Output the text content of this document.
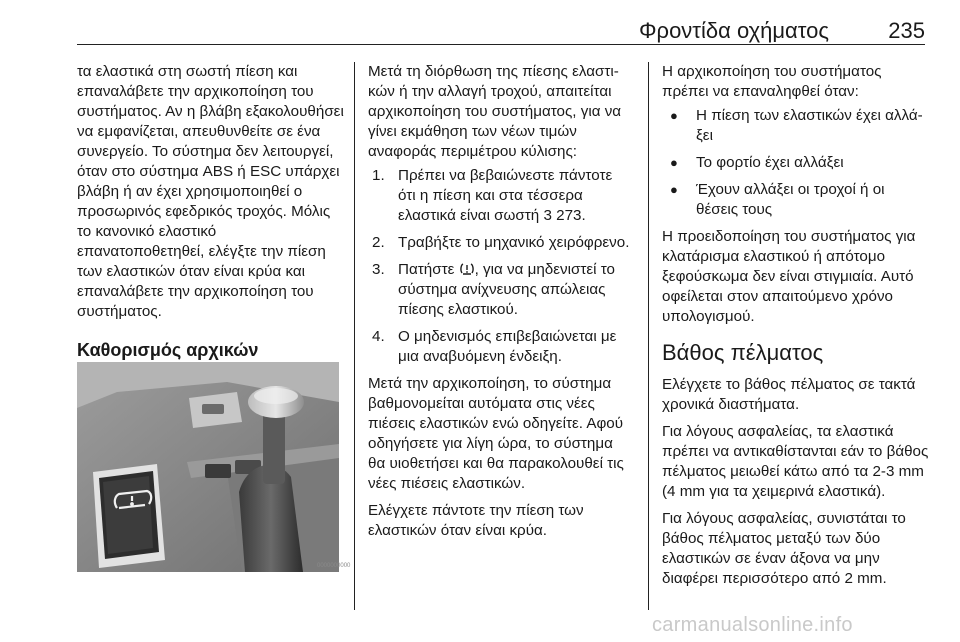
Φροντίδα οχήματος	235

τα ελαστικά στη σωστή πίεση και επαναλάβετε την αρχικοποίηση του συστήματος. Αν η βλάβη εξακολουθήσει να εμφανίζεται, απευθυνθείτε σε ένα συνεργείο. Το σύστημα δεν λειτουργεί, όταν στο σύστημα ABS ή ESC υπάρχει βλάβη ή αν έχει χρησιμοποιηθεί ο προσωρινός εφεδρικός τροχός. Μόλις το κανονικό ελαστικό επανατοποθετηθεί, ελέγξτε την πίεση των ελαστικών όταν είναι κρύα και επαναλάβετε την αρχικοποίηση του συστήματος.

Καθορισμός αρχικών
0000000000

Μετά τη διόρθωση της πίεσης ελαστικών ή την αλλαγή τροχού, απαιτείται αρχικοποίηση του συστήματος, για να γίνει εκμάθηση των νέων τιμών αναφοράς περιμέτρου κύλισης:

1. Πρέπει να βεβαιώνεστε πάντοτε ότι η πίεση και στα τέσσερα ελαστικά είναι σωστή 3 273.
2. Τραβήξτε το μηχανικό χειρόφρενο.
3. Πατήστε , για να μηδενιστεί το σύστημα ανίχνευσης απώλειας πίεσης ελαστικού.
4. Ο μηδενισμός επιβεβαιώνεται με μια αναβυόμενη ένδειξη.

Μετά την αρχικοποίηση, το σύστημα βαθμονομείται αυτόματα στις νέες πιέσεις ελαστικών ενώ οδηγείτε. Αφού οδηγήσετε για λίγη ώρα, το σύστημα θα υιοθετήσει και θα παρακολουθεί τις νέες πιέσεις ελαστικών.

Ελέγχετε πάντοτε την πίεση των ελαστικών όταν είναι κρύα.

Η αρχικοποίηση του συστήματος πρέπει να επαναληφθεί όταν:

●	Η πίεση των ελαστικών έχει αλλάξει
●	Το φορτίο έχει αλλάξει
●	Έχουν αλλάξει οι τροχοί ή οι θέσεις τους

Η προειδοποίηση του συστήματος για κλατάρισμα ελαστικού ή απότομο ξεφούσκωμα δεν είναι στιγμιαία. Αυτό οφείλεται στον απαιτούμενο χρόνο υπολογισμού.

Βάθος πέλματος

Ελέγχετε το βάθος πέλματος σε τακτά χρονικά διαστήματα.

Για λόγους ασφαλείας, τα ελαστικά πρέπει να αντικαθίστανται εάν το βάθος πέλματος μειωθεί κάτω από τα 2-3 mm (4 mm για τα χειμερινά ελαστικά).

Για λόγους ασφαλείας, συνιστάται το βάθος πέλματος μεταξύ των δύο ελαστικών σε έναν άξονα να μην διαφέρει περισσότερο από 2 mm.

carmanualsonline.info
